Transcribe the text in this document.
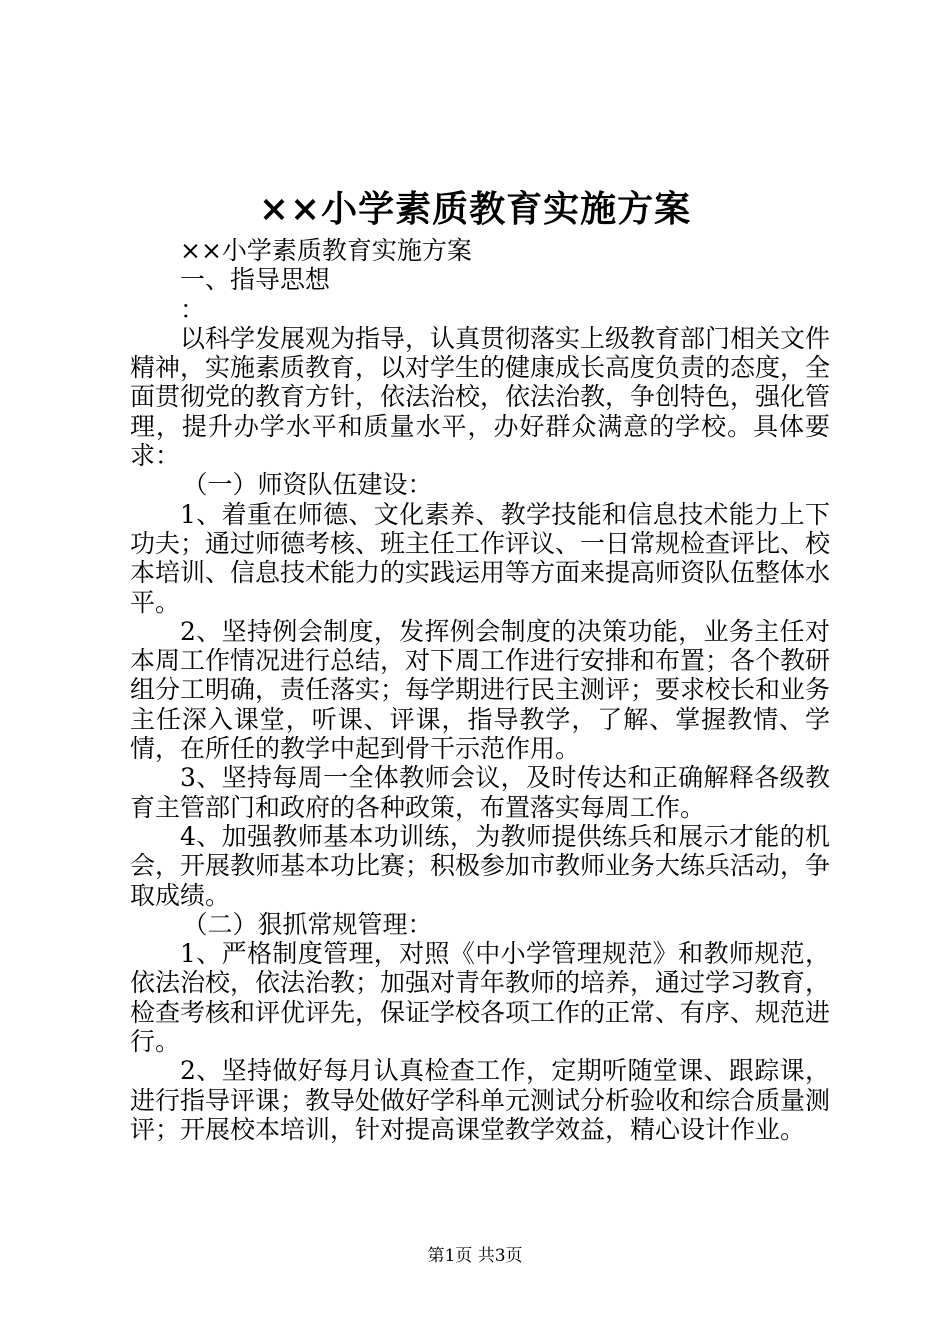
××小学素质教育实施方案

××小学素质教育实施方案

一、指导思想

：

以科学发展观为指导，认真贯彻落实上级教育部门相关文件精神，实施素质教育，以对学生的健康成长高度负责的态度，全面贯彻党的教育方针，依法治校，依法治教，争创特色，强化管理，提升办学水平和质量水平，办好群众满意的学校。具体要求：

（一）师资队伍建设：

1、着重在师德、文化素养、教学技能和信息技术能力上下功夫；通过师德考核、班主任工作评议、一日常规检查评比、校本培训、信息技术能力的实践运用等方面来提高师资队伍整体水平。

2、坚持例会制度，发挥例会制度的决策功能，业务主任对本周工作情况进行总结，对下周工作进行安排和布置；各个教研组分工明确，责任落实；每学期进行民主测评；要求校长和业务主任深入课堂，听课、评课，指导教学，了解、掌握教情、学情，在所任的教学中起到骨干示范作用。

3、坚持每周一全体教师会议，及时传达和正确解释各级教育主管部门和政府的各种政策，布置落实每周工作。

4、加强教师基本功训练，为教师提供练兵和展示才能的机会，开展教师基本功比赛；积极参加市教师业务大练兵活动，争取成绩。

（二）狠抓常规管理：

1、严格制度管理，对照《中小学管理规范》和教师规范，依法治校，依法治教；加强对青年教师的培养，通过学习教育，检查考核和评优评先，保证学校各项工作的正常、有序、规范进行。

2、坚持做好每月认真检查工作，定期听随堂课、跟踪课，进行指导评课；教导处做好学科单元测试分析验收和综合质量测评；开展校本培训，针对提高课堂教学效益，精心设计作业。

第1页 共3页
